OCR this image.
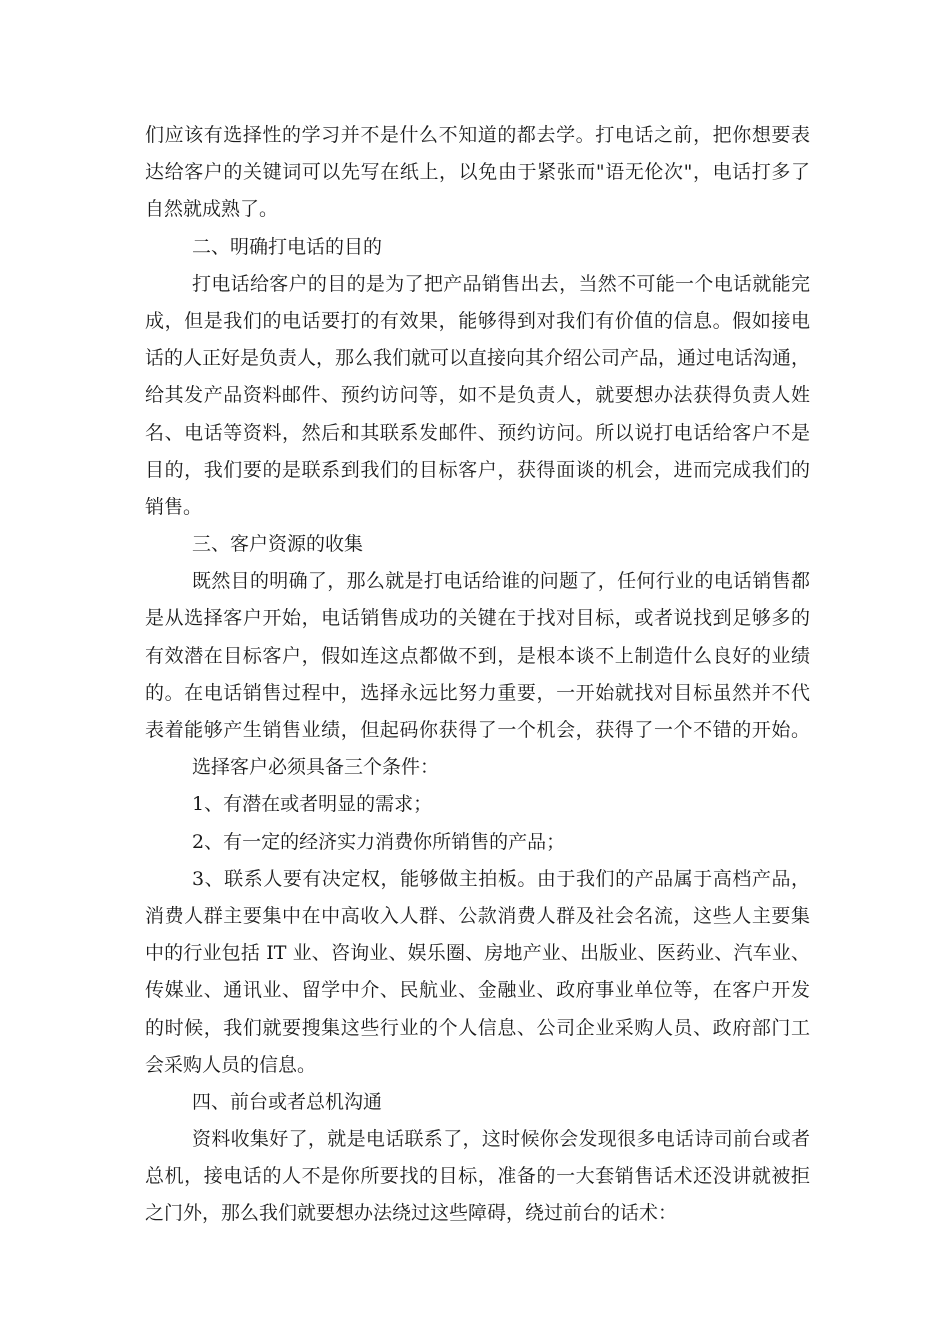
们应该有选择性的学习并不是什么不知道的都去学。打电话之前，把你想要表
达给客户的关键词可以先写在纸上，以免由于紧张而"语无伦次"，电话打多了
自然就成熟了。
二、明确打电话的目的
打电话给客户的目的是为了把产品销售出去，当然不可能一个电话就能完
成，但是我们的电话要打的有效果，能够得到对我们有价值的信息。假如接电
话的人正好是负责人，那么我们就可以直接向其介绍公司产品，通过电话沟通，
给其发产品资料邮件、预约访问等，如不是负责人，就要想办法获得负责人姓
名、电话等资料，然后和其联系发邮件、预约访问。所以说打电话给客户不是
目的，我们要的是联系到我们的目标客户，获得面谈的机会，进而完成我们的
销售。
三、客户资源的收集
既然目的明确了，那么就是打电话给谁的问题了，任何行业的电话销售都
是从选择客户开始，电话销售成功的关键在于找对目标，或者说找到足够多的
有效潜在目标客户，假如连这点都做不到，是根本谈不上制造什么良好的业绩
的。在电话销售过程中，选择永远比努力重要，一开始就找对目标虽然并不代
表着能够产生销售业绩，但起码你获得了一个机会，获得了一个不错的开始。
选择客户必须具备三个条件：
1、有潜在或者明显的需求；
2、有一定的经济实力消费你所销售的产品；
3、联系人要有决定权，能够做主拍板。由于我们的产品属于高档产品，
消费人群主要集中在中高收入人群、公款消费人群及社会名流，这些人主要集
中的行业包括 IT 业、咨询业、娱乐圈、房地产业、出版业、医药业、汽车业、
传媒业、通讯业、留学中介、民航业、金融业、政府事业单位等，在客户开发
的时候，我们就要搜集这些行业的个人信息、公司企业采购人员、政府部门工
会采购人员的信息。
四、前台或者总机沟通
资料收集好了，就是电话联系了，这时候你会发现很多电话诗司前台或者
总机，接电话的人不是你所要找的目标，准备的一大套销售话术还没讲就被拒
之门外，那么我们就要想办法绕过这些障碍，绕过前台的话术：
